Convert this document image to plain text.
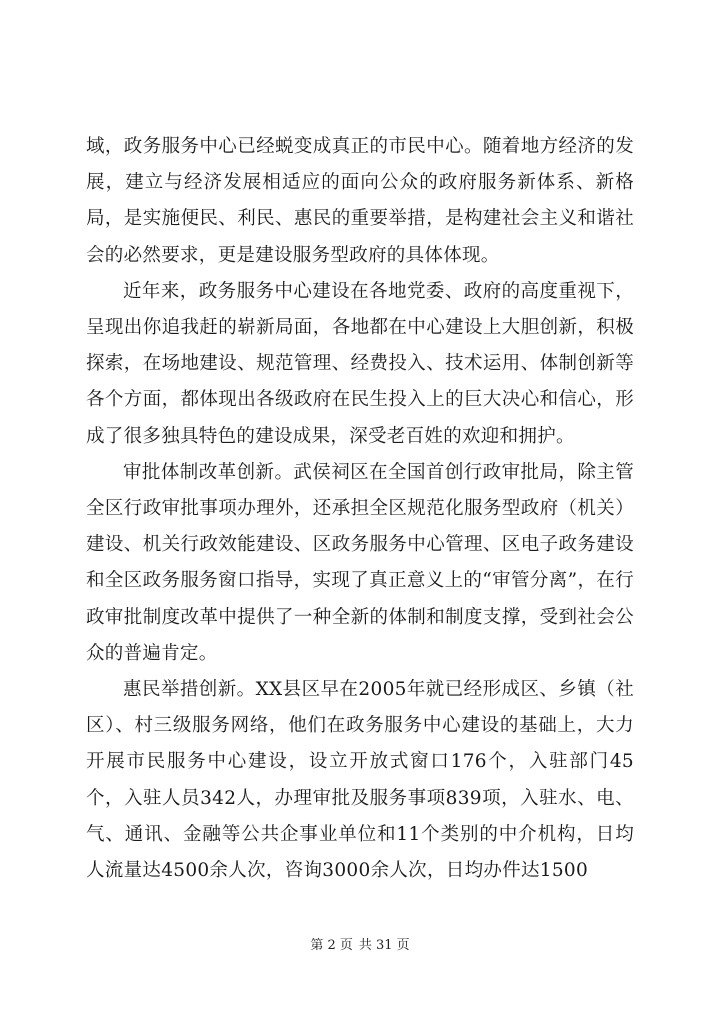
域，政务服务中心已经蜕变成真正的市民中心。随着地方经济的发展，建立与经济发展相适应的面向公众的政府服务新体系、新格局，是实施便民、利民、惠民的重要举措，是构建社会主义和谐社会的必然要求，更是建设服务型政府的具体体现。

近年来，政务服务中心建设在各地党委、政府的高度重视下，呈现出你追我赶的崭新局面，各地都在中心建设上大胆创新，积极探索，在场地建设、规范管理、经费投入、技术运用、体制创新等各个方面，都体现出各级政府在民生投入上的巨大决心和信心，形成了很多独具特色的建设成果，深受老百姓的欢迎和拥护。

审批体制改革创新。武侯祠区在全国首创行政审批局，除主管全区行政审批事项办理外，还承担全区规范化服务型政府（机关）建设、机关行政效能建设、区政务服务中心管理、区电子政务建设和全区政务服务窗口指导，实现了真正意义上的“审管分离”，在行政审批制度改革中提供了一种全新的体制和制度支撑，受到社会公众的普遍肯定。

惠民举措创新。XX县区早在2005年就已经形成区、乡镇（社区）、村三级服务网络，他们在政务服务中心建设的基础上，大力开展市民服务中心建设，设立开放式窗口176个，入驻部门45个，入驻人员342人，办理审批及服务事项839项，入驻水、电、气、通讯、金融等公共企事业单位和11个类别的中介机构，日均人流量达4500余人次，咨询3000余人次，日均办件达1500

第 2 页 共 31 页
